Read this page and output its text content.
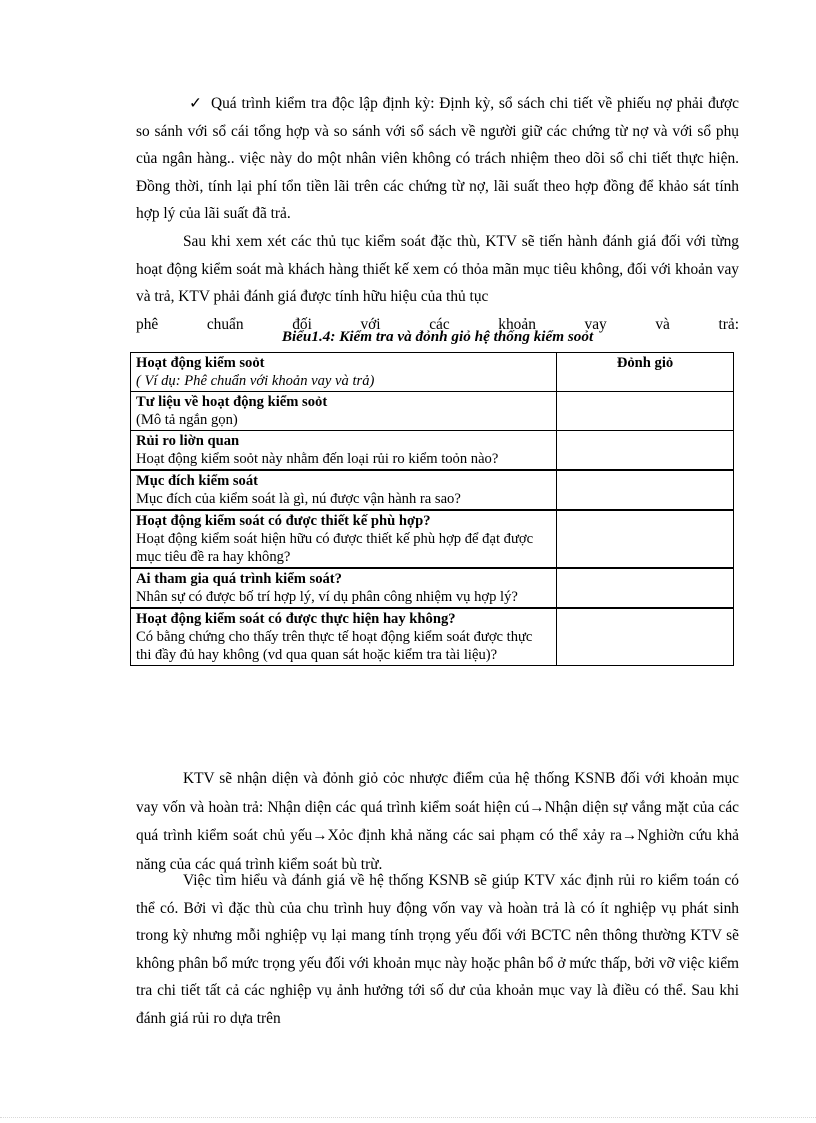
✓ Quá trình kiểm tra độc lập định kỳ: Định kỳ, sổ sách chi tiết về phiếu nợ phải được so sánh với sổ cái tổng hợp và so sánh với sổ sách về người giữ các chứng từ nợ và với sổ phụ của ngân hàng.. việc này do một nhân viên không có trách nhiệm theo dõi sổ chi tiết thực hiện. Đồng thời, tính lại phí tổn tiền lãi trên các chứng từ nợ, lãi suất theo hợp đồng để khảo sát tính hợp lý của lãi suất đã trả.

Sau khi xem xét các thủ tục kiểm soát đặc thù, KTV sẽ tiến hành đánh giá đối với từng hoạt động kiểm soát mà khách hàng thiết kế xem có thỏa mãn mục tiêu không, đối với khoản vay và trả, KTV phải đánh giá được tính hữu hiệu của thủ tục

phê chuẩn đối với các khoản vay và trả:

Biểu1.4: Kiểm tra và đỏnh giỏ hệ thống kiểm soỏt
Hoạt động kiểm soỏt
( Ví dụ: Phê chuẩn với khoản vay và trả)	Đỏnh giỏ

Tư liệu về hoạt động kiểm soỏt
(Mô tả ngắn gọn)	

Rủi ro liờn quan
Hoạt động kiểm soỏt này nhằm đến loại rủi ro kiểm toỏn nào?	

Mục đích kiểm soát
Mục đích của kiểm soát là gì, nú được vận hành ra sao?	

Hoạt động kiểm soát có được thiết kế phù hợp?
Hoạt động kiểm soát hiện hữu có được thiết kế phù hợp để đạt được mục tiêu đề ra hay không?	

Ai tham gia quá trình kiểm soát?
Nhân sự có được bố trí hợp lý, ví dụ phân công nhiệm vụ hợp lý?	

Hoạt động kiểm soát có được thực hiện hay không?
Có bằng chứng cho thấy trên thực tế hoạt động kiểm soát được thực thi đầy đủ hay không (vd qua quan sát hoặc kiểm tra tài liệu)?	

KTV sẽ nhận diện và đỏnh giỏ cỏc nhược điểm của hệ thống KSNB đối với khoản mục vay vốn và hoàn trả: Nhận diện các quá trình kiểm soát hiện cú→Nhận diện sự vắng mặt của các quá trình kiểm soát chủ yếu→Xỏc định khả năng các sai phạm có thể xảy ra→Nghiờn cứu khả năng của các quá trình kiểm soát bù trừ.

Việc tìm hiểu và đánh giá về hệ thống KSNB sẽ giúp KTV xác định rủi ro kiểm toán có thể có. Bởi vì đặc thù của chu trình huy động vốn vay và hoàn trả là có ít nghiệp vụ phát sinh trong kỳ nhưng mỗi nghiệp vụ lại mang tính trọng yếu đối với BCTC nên thông thường KTV sẽ không phân bổ mức trọng yếu đối với khoản mục này hoặc phân bổ ở mức thấp, bởi vỡ việc kiểm tra chi tiết tất cả các nghiệp vụ ảnh hưởng tới số dư của khoản mục vay là điều có thể. Sau khi đánh giá rủi ro dựa trên
